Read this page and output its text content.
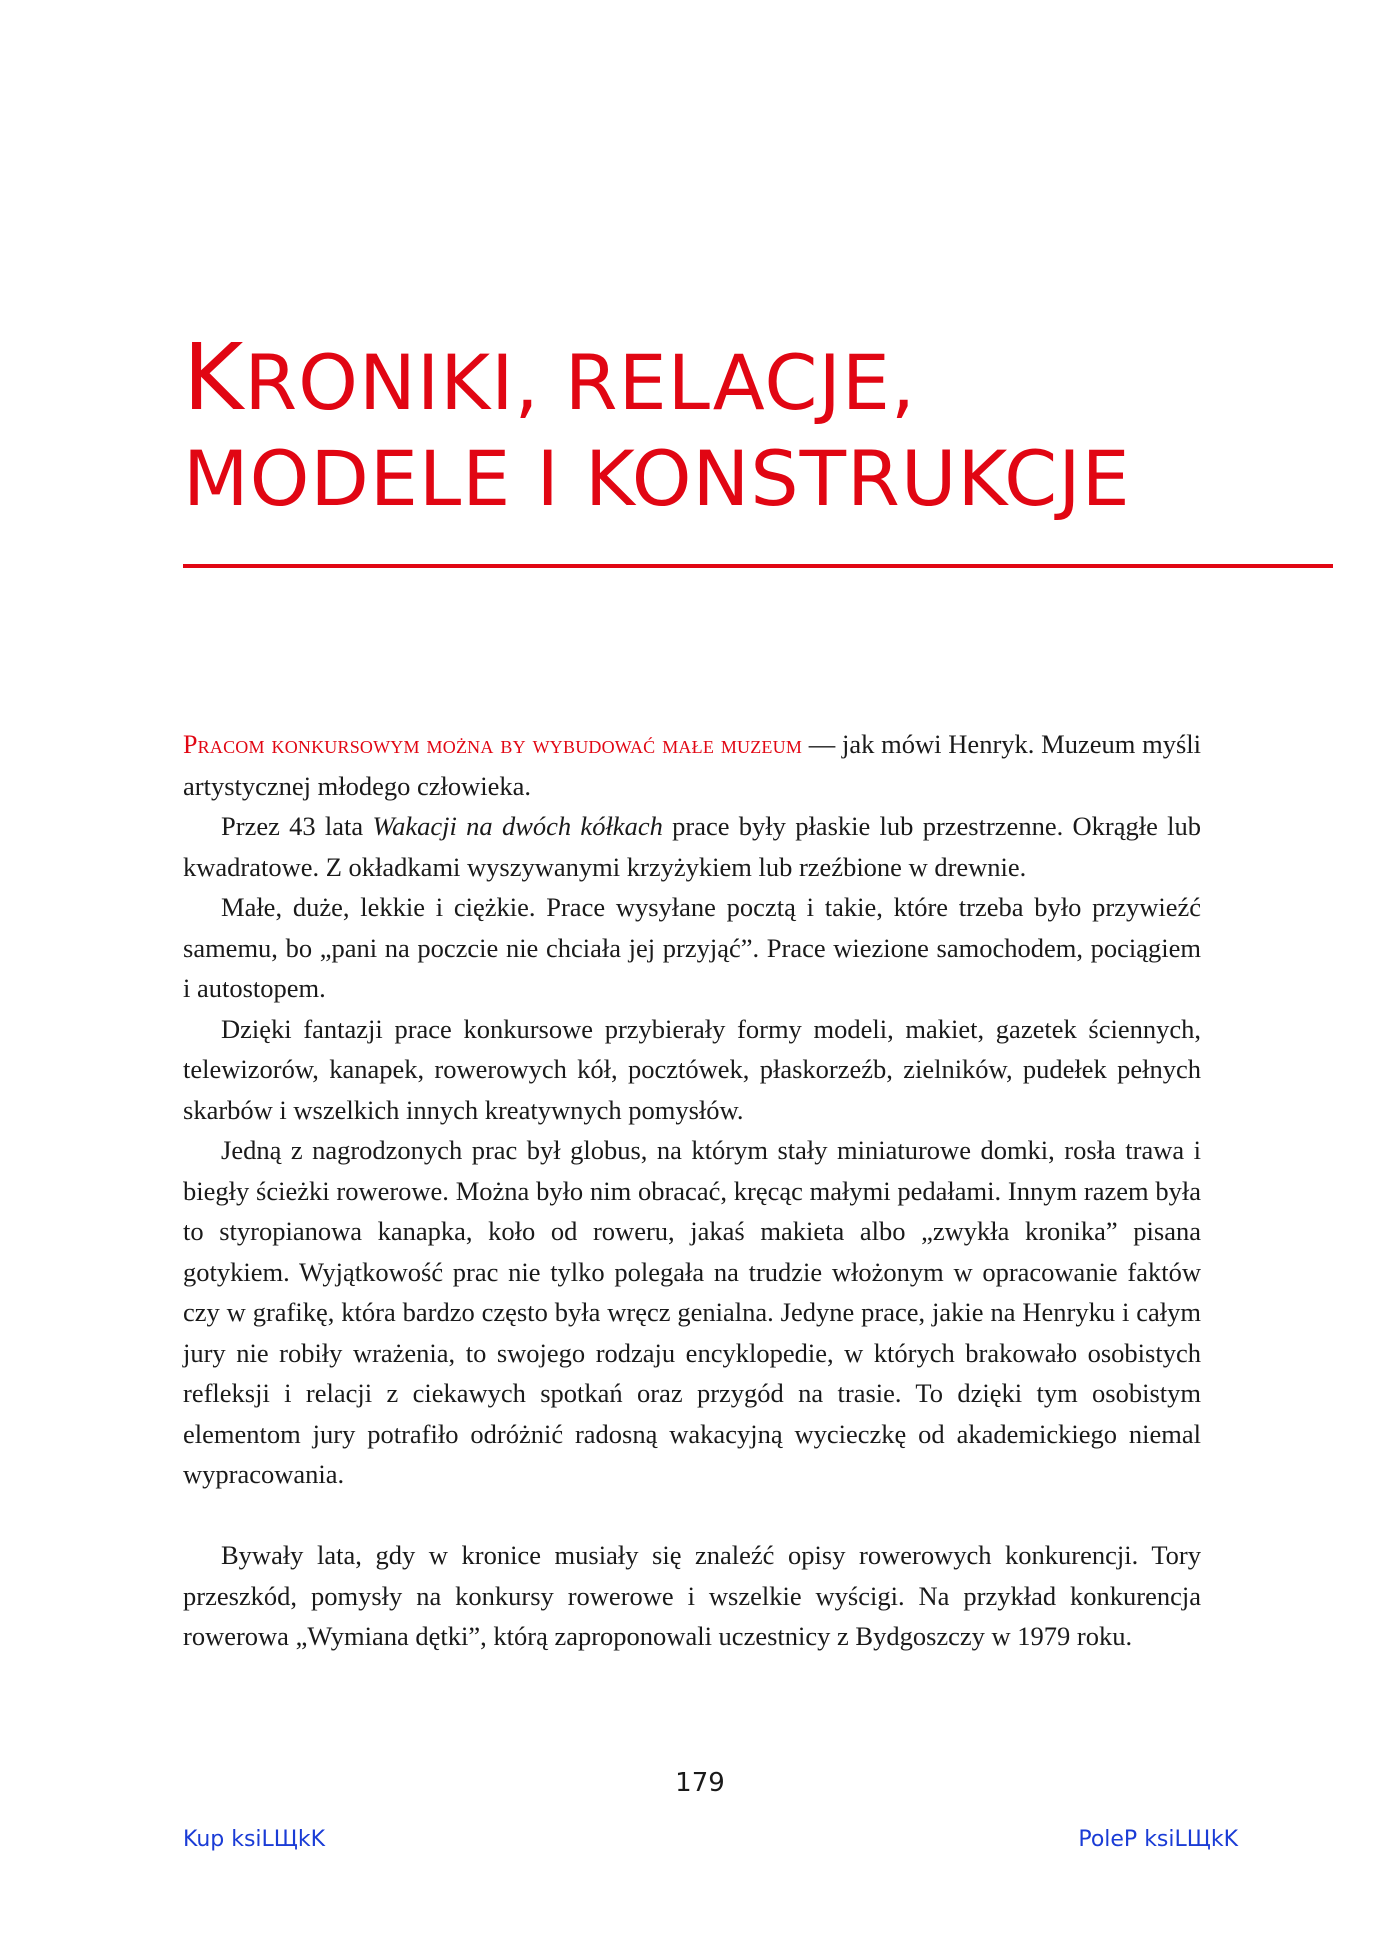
KRONIKI, RELACJE,
MODELE I KONSTRUKCJE

Pracom konkursowym można by wybudować małe muzeum — jak mówi Henryk. Muzeum myśli artystycznej młodego człowieka.

Przez 43 lata Wakacji na dwóch kółkach prace były płaskie lub przestrzenne. Okrągłe lub kwadratowe. Z okładkami wyszywanymi krzyżykiem lub rzeźbione w drewnie.

Małe, duże, lekkie i ciężkie. Prace wysyłane pocztą i takie, które trzeba było przywieźć samemu, bo „pani na poczcie nie chciała jej przyjąć”. Prace wiezione samochodem, pociągiem i autostopem.

Dzięki fantazji prace konkursowe przybierały formy modeli, makiet, gazetek ściennych, telewizorów, kanapek, rowerowych kół, pocztówek, płaskorzeźb, zielników, pudełek pełnych skarbów i wszelkich innych kreatywnych pomysłów.

Jedną z nagrodzonych prac był globus, na którym stały miniaturowe domki, rosła trawa i biegły ścieżki rowerowe. Można było nim obracać, kręcąc małymi pedałami. Innym razem była to styropianowa kanapka, koło od roweru, jakaś makieta albo „zwykła kronika” pisana gotykiem. Wyjątkowość prac nie tylko polegała na trudzie włożonym w opracowanie faktów czy w grafikę, która bardzo często była wręcz genialna. Jedyne prace, jakie na Henryku i całym jury nie robiły wrażenia, to swojego rodzaju encyklopedie, w których brakowało osobistych refleksji i relacji z ciekawych spotkań oraz przygód na trasie. To dzięki tym osobistym elementom jury potrafiło odróżnić radosną wakacyjną wycieczkę od akademickiego niemal wypracowania.

Bywały lata, gdy w kronice musiały się znaleźć opisy rowerowych konkurencji. Tory przeszkód, pomysły na konkursy rowerowe i wszelkie wyścigi. Na przykład konkurencja rowerowa „Wymiana dętki”, którą zaproponowali uczestnicy z Bydgoszczy w 1979 roku.

179
Kup ksiLЩkK	PoleP ksiLЩkK
